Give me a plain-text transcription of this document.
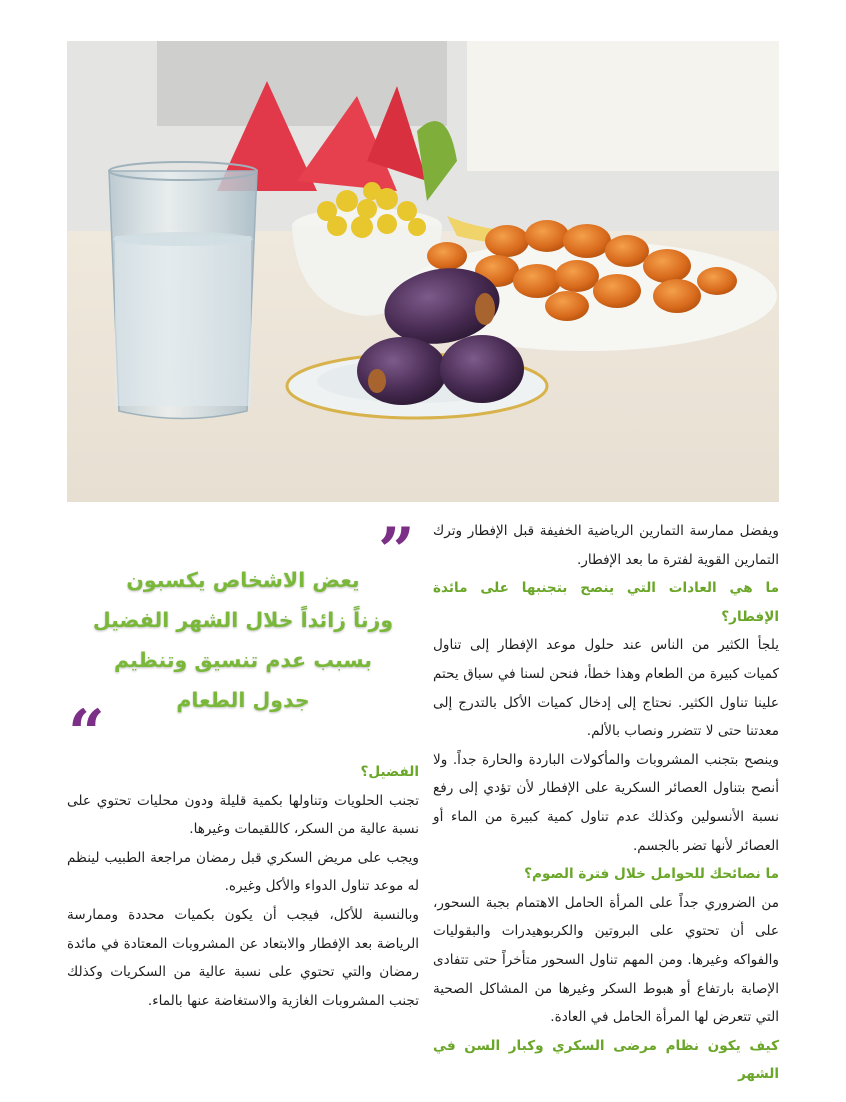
ويفضل ممارسة التمارين الرياضية الخفيفة قبل الإفطار وترك التمارين القوية لفترة ما بعد الإفطار.

ما هي العادات التي ينصح بتجنبها على مائدة الإفطار؟

يلجأ الكثير من الناس عند حلول موعد الإفطار إلى تناول كميات كبيرة من الطعام وهذا خطأ، فنحن لسنا في سباق يحتم علينا تناول الكثير. نحتاج إلى إدخال كميات الأكل بالتدرج إلى معدتنا حتى لا تتضرر ونصاب بالألم.

وينصح بتجنب المشروبات والمأكولات الباردة والحارة جداً. ولا أنصح بتناول العصائر السكرية على الإفطار لأن تؤدي إلى رفع نسبة الأنسولين وكذلك عدم تناول كمية كبيرة من الماء أو العصائر لأنها تضر بالجسم.

ما نصائحك للحوامل خلال فترة الصوم؟

من الضروري جداً على المرأة الحامل الاهتمام بجبة السحور، على أن تحتوي على البروتين والكربوهيدرات والبقوليات والفواكه وغيرها. ومن المهم تناول السحور متأخراً حتى تتفادى الإصابة بارتفاع أو هبوط السكر وغيرها من المشاكل الصحية التي تتعرض لها المرأة الحامل في العادة.

كيف يكون نظام مرضى السكري وكبار السن في الشهر

”
يعض الاشخاص يكسبون
وزناً زائداً خلال الشهر الفضيل
بسبب عدم تنسيق وتنظيم
جدول الطعام
“

الفضيل؟

تجنب الحلويات وتناولها بكمية قليلة ودون محليات تحتوي على نسبة عالية من السكر، كاللقيمات وغيرها.

ويجب على مريض السكري قبل رمضان مراجعة الطبيب لينظم له موعد تناول الدواء والأكل وغيره.

وبالنسبة للأكل، فيجب أن يكون بكميات محددة وممارسة الرياضة بعد الإفطار والابتعاد عن المشروبات المعتادة في مائدة رمضان والتي تحتوي على نسبة عالية من السكريات وكذلك تجنب المشروبات الغازية والاستغاضة عنها بالماء.
